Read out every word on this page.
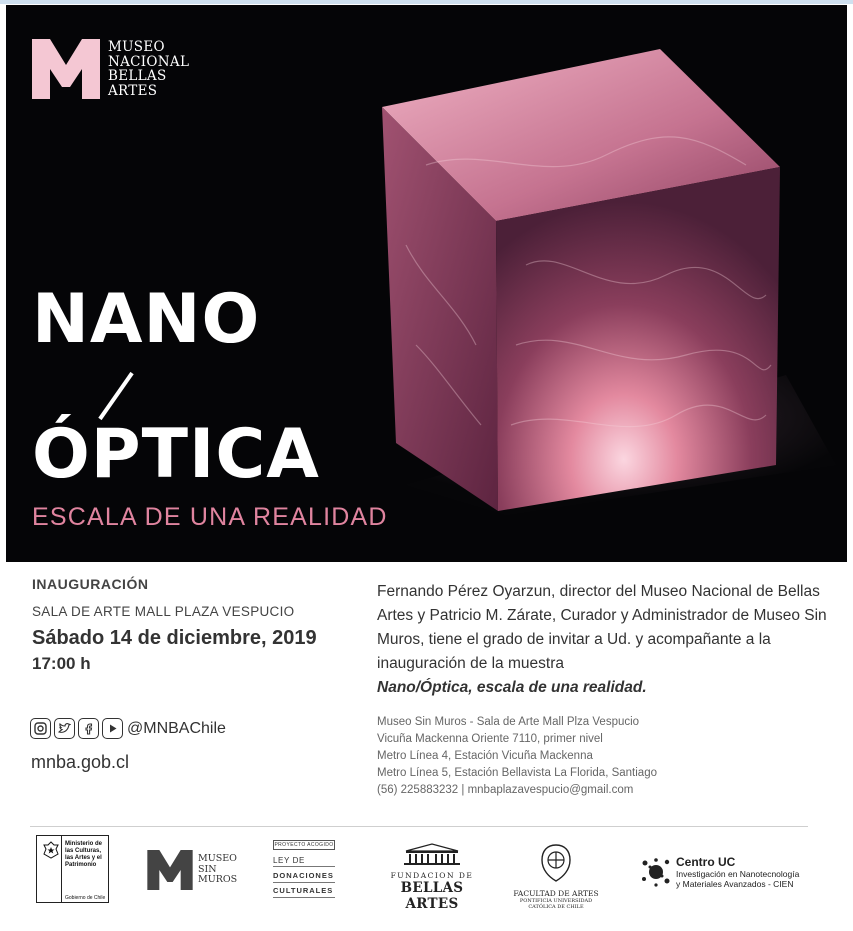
MUSEO
NACIONAL
BELLAS
ARTES
NANO
ÓPTICA
ESCALA DE UNA REALIDAD
INAUGURACIÓN
SALA DE ARTE MALL PLAZA VESPUCIO
Sábado 14 de diciembre, 2019
17:00 h
@MNBAChile
mnba.gob.cl
Fernando Pérez Oyarzun, director del Museo Nacional de Bellas Artes y Patricio M. Zárate, Curador y Administrador de Museo Sin Muros, tiene el grado de invitar a Ud. y acompañante a la inauguración de la muestra
Nano/Óptica, escala de una realidad.
Museo Sin Muros - Sala de Arte Mall Plza Vespucio
Vicuña Mackenna Oriente 7110, primer nivel
Metro Línea 4, Estación Vicuña Mackenna
Metro Línea 5, Estación Bellavista La Florida, Santiago
(56) 225883232 | mnbaplazavespucio@gmail.com
Ministerio de las Culturas, las Artes y el Patrimonio
Gobierno de Chile
MUSEO
SIN
MUROS
PROYECTO ACOGIDO
LEY DE
DONACIONES
CULTURALES
FUNDACION DE
BELLAS ARTES
FACULTAD DE ARTES
PONTIFICIA UNIVERSIDAD
CATÓLICA DE CHILE
Centro UC
Investigación en Nanotecnología
y Materiales Avanzados - CIEN
